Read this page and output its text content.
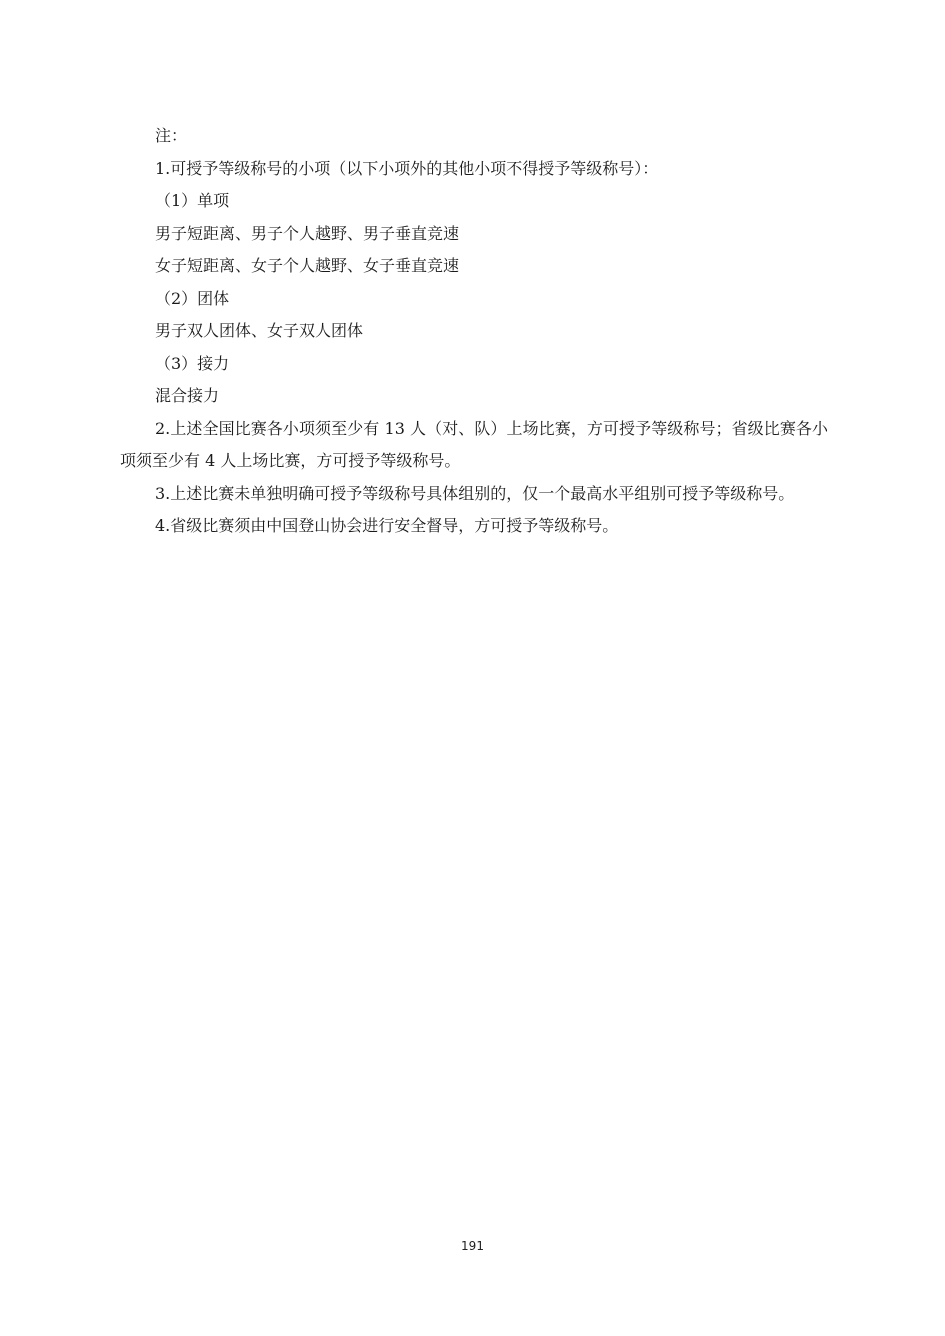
注：

1.可授予等级称号的小项（以下小项外的其他小项不得授予等级称号）：

（1）单项

男子短距离、男子个人越野、男子垂直竞速

女子短距离、女子个人越野、女子垂直竞速

（2）团体

男子双人团体、女子双人团体

（3）接力

混合接力

2.上述全国比赛各小项须至少有 13 人（对、队）上场比赛，方可授予等级称号；省级比赛各小项须至少有 4 人上场比赛，方可授予等级称号。

3.上述比赛未单独明确可授予等级称号具体组别的，仅一个最高水平组别可授予等级称号。

4.省级比赛须由中国登山协会进行安全督导，方可授予等级称号。

191
